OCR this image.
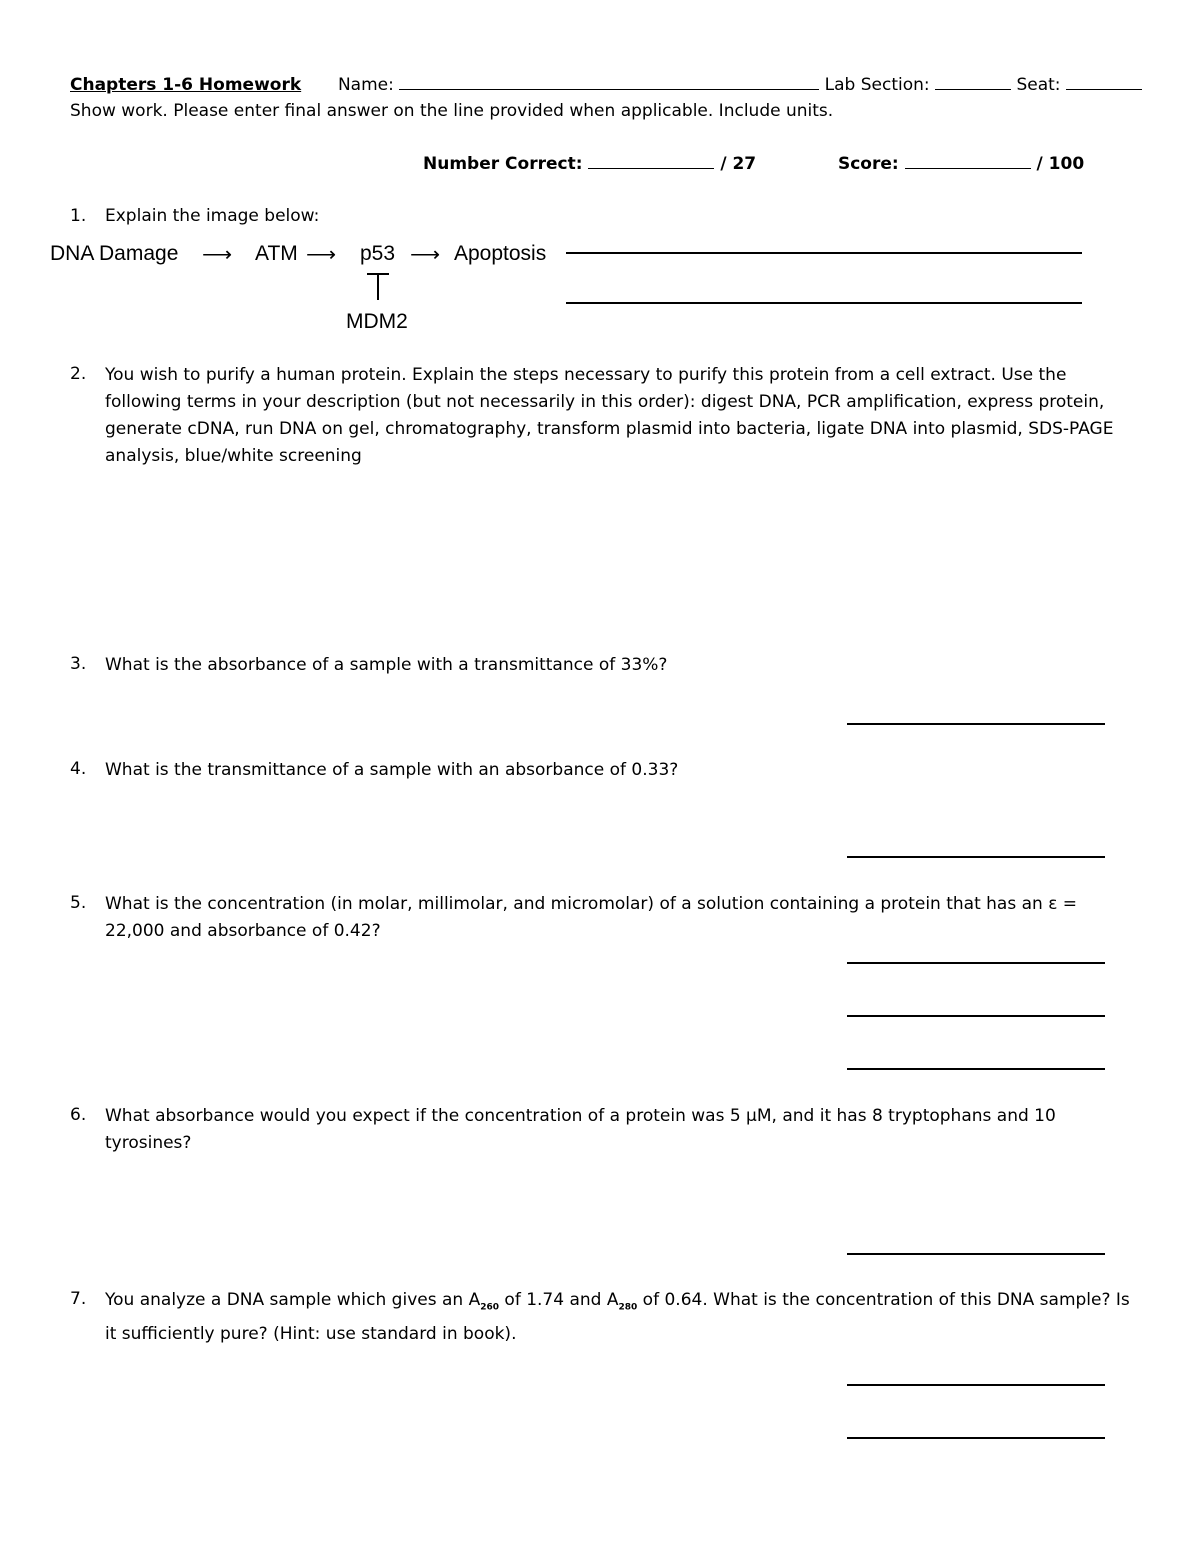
Chapters 1-6 Homework Name:	Lab Section:	Seat:
Show work. Please enter final answer on the line provided when applicable. Include units.
Number Correct:	/ 27	Score:	/ 100
1. Explain the image below:
DNA Damage ⟶ ATM ⟶ p53 ⟶ Apoptosis
MDM2
2. You wish to purify a human protein. Explain the steps necessary to purify this protein from a cell extract. Use the following terms in your description (but not necessarily in this order): digest DNA, PCR amplification, express protein, generate cDNA, run DNA on gel, chromatography, transform plasmid into bacteria, ligate DNA into plasmid, SDS-PAGE analysis, blue/white screening
3. What is the absorbance of a sample with a transmittance of 33%?
4. What is the transmittance of a sample with an absorbance of 0.33?
5. What is the concentration (in molar, millimolar, and micromolar) of a solution containing a protein that has an ε = 22,000 and absorbance of 0.42?
6. What absorbance would you expect if the concentration of a protein was 5 μM, and it has 8 tryptophans and 10 tyrosines?
7. You analyze a DNA sample which gives an $A_{260}$ of 1.74 and $A_{280}$ of 0.64. What is the concentration of this DNA sample? Is it sufficiently pure? (Hint: use standard in book).
